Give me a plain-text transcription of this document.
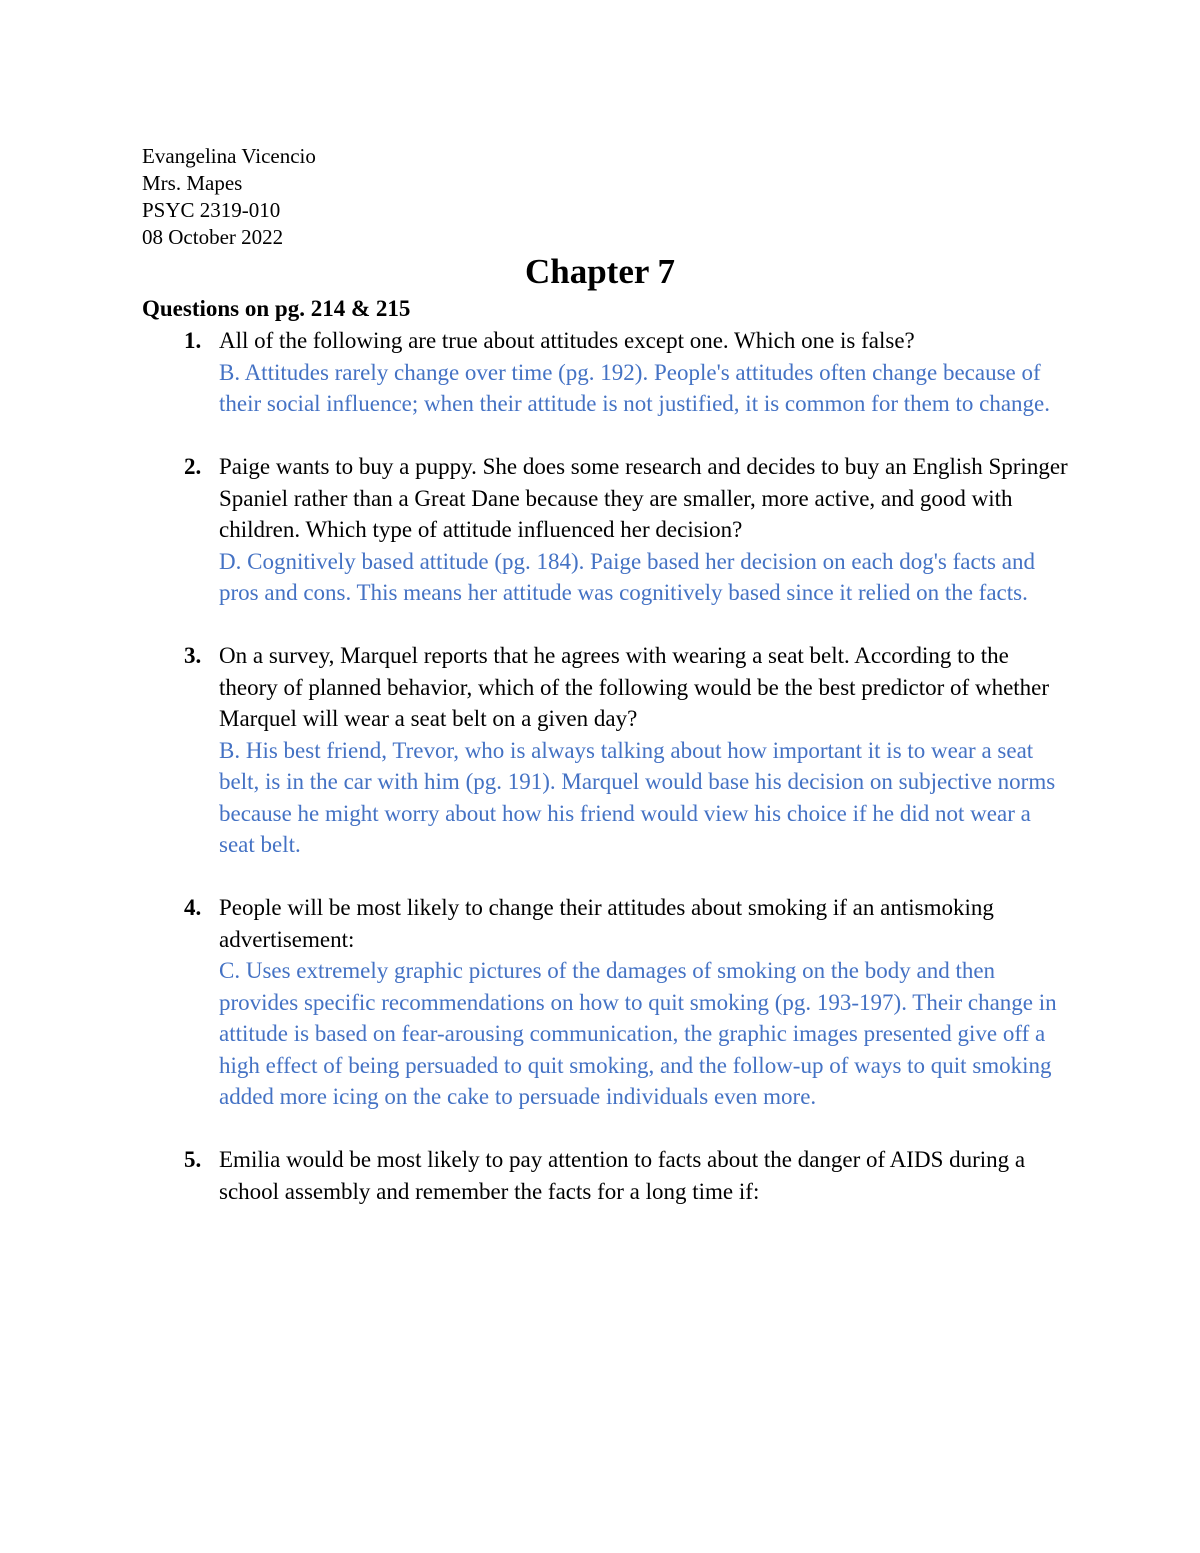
Evangelina Vicencio
Mrs. Mapes
PSYC 2319-010
08 October 2022
Chapter 7
Questions on pg. 214 & 215
1. All of the following are true about attitudes except one. Which one is false?
B. Attitudes rarely change over time (pg. 192). People's attitudes often change because of their social influence; when their attitude is not justified, it is common for them to change.
2. Paige wants to buy a puppy. She does some research and decides to buy an English Springer Spaniel rather than a Great Dane because they are smaller, more active, and good with children. Which type of attitude influenced her decision?
D. Cognitively based attitude (pg. 184). Paige based her decision on each dog's facts and pros and cons. This means her attitude was cognitively based since it relied on the facts.
3. On a survey, Marquel reports that he agrees with wearing a seat belt. According to the theory of planned behavior, which of the following would be the best predictor of whether Marquel will wear a seat belt on a given day?
B. His best friend, Trevor, who is always talking about how important it is to wear a seat belt, is in the car with him (pg. 191). Marquel would base his decision on subjective norms because he might worry about how his friend would view his choice if he did not wear a seat belt.
4. People will be most likely to change their attitudes about smoking if an antismoking advertisement:
C. Uses extremely graphic pictures of the damages of smoking on the body and then provides specific recommendations on how to quit smoking (pg. 193-197). Their change in attitude is based on fear-arousing communication, the graphic images presented give off a high effect of being persuaded to quit smoking, and the follow-up of ways to quit smoking added more icing on the cake to persuade individuals even more.
5. Emilia would be most likely to pay attention to facts about the danger of AIDS during a school assembly and remember the facts for a long time if:
